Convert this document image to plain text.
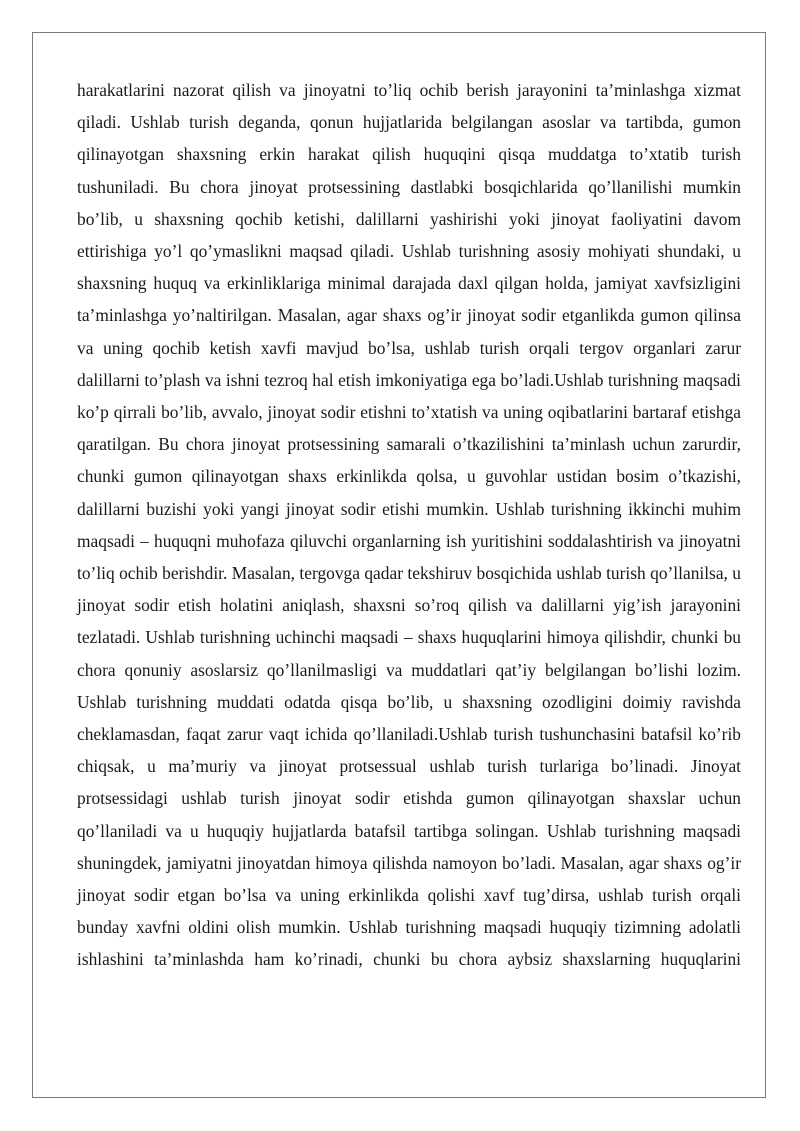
harakatlarini nazorat qilish va jinoyatni to’liq ochib berish jarayonini ta’minlashga xizmat qiladi. Ushlab turish deganda, qonun hujjatlarida belgilangan asoslar va tartibda, gumon qilinayotgan shaxsning erkin harakat qilish huquqini qisqa muddatga to’xtatib turish tushuniladi. Bu chora jinoyat protsessining dastlabki bosqichlarida qo’llanilishi mumkin bo’lib, u shaxsning qochib ketishi, dalillarni yashirishi yoki jinoyat faoliyatini davom ettirishiga yo’l qo’ymaslikni maqsad qiladi. Ushlab turishning asosiy mohiyati shundaki, u shaxsning huquq va erkinliklariga minimal darajada daxl qilgan holda, jamiyat xavfsizligini ta’minlashga yo’naltirilgan. Masalan, agar shaxs og’ir jinoyat sodir etganlikda gumon qilinsa va uning qochib ketish xavfi mavjud bo’lsa, ushlab turish orqali tergov organlari zarur dalillarni to’plash va ishni tezroq hal etish imkoniyatiga ega bo’ladi.Ushlab turishning maqsadi ko’p qirrali bo’lib, avvalo, jinoyat sodir etishni to’xtatish va uning oqibatlarini bartaraf etishga qaratilgan. Bu chora jinoyat protsessining samarali o’tkazilishini ta’minlash uchun zarurdir, chunki gumon qilinayotgan shaxs erkinlikda qolsa, u guvohlar ustidan bosim o’tkazishi, dalillarni buzishi yoki yangi jinoyat sodir etishi mumkin. Ushlab turishning ikkinchi muhim maqsadi – huquqni muhofaza qiluvchi organlarning ish yuritishini soddalashtirish va jinoyatni to’liq ochib berishdir. Masalan, tergovga qadar tekshiruv bosqichida ushlab turish qo’llanilsa, u jinoyat sodir etish holatini aniqlash, shaxsni so’roq qilish va dalillarni yig’ish jarayonini tezlatadi. Ushlab turishning uchinchi maqsadi – shaxs huquqlarini himoya qilishdir, chunki bu chora qonuniy asoslarsiz qo’llanilmasligi va muddatlari qat’iy belgilangan bo’lishi lozim. Ushlab turishning muddati odatda qisqa bo’lib, u shaxsning ozodligini doimiy ravishda cheklamasdan, faqat zarur vaqt ichida qo’llaniladi.Ushlab turish tushunchasini batafsil ko’rib chiqsak, u ma’muriy va jinoyat protsessual ushlab turish turlariga bo’linadi. Jinoyat protsessidagi ushlab turish jinoyat sodir etishda gumon qilinayotgan shaxslar uchun qo’llaniladi va u huquqiy hujjatlarda batafsil tartibga solingan. Ushlab turishning maqsadi shuningdek, jamiyatni jinoyatdan himoya qilishda namoyon bo’ladi. Masalan, agar shaxs og’ir jinoyat sodir etgan bo’lsa va uning erkinlikda qolishi xavf tug’dirsa, ushlab turish orqali bunday xavfni oldini olish mumkin. Ushlab turishning maqsadi huquqiy tizimning adolatli ishlashini ta’minlashda ham ko’rinadi, chunki bu chora aybsiz shaxslarning huquqlarini
